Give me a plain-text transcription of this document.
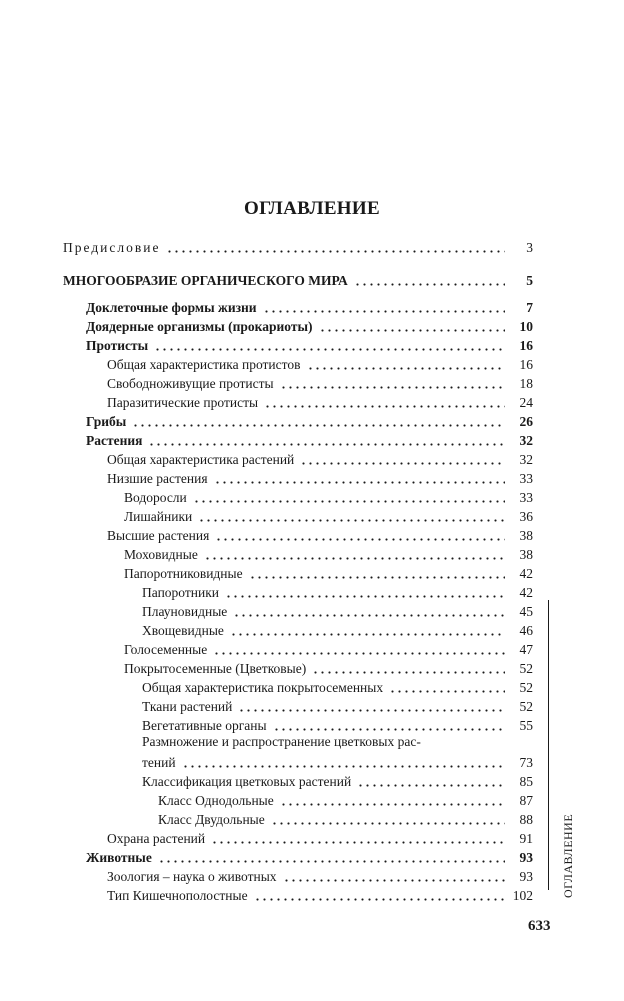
ОГЛАВЛЕНИЕ
Предисловие	3
МНОГООБРАЗИЕ ОРГАНИЧЕСКОГО МИРА	5
Доклеточные формы жизни	7
Доядерные организмы (прокариоты)	10
Протисты	16
Общая характеристика протистов	16
Свободноживущие протисты	18
Паразитические протисты	24
Грибы	26
Растения	32
Общая характеристика растений	32
Низшие растения	33
Водоросли	33
Лишайники	36
Высшие растения	38
Моховидные	38
Папоротниковидные	42
Папоротники	42
Плауновидные	45
Хвощевидные	46
Голосеменные	47
Покрытосеменные (Цветковые)	52
Общая характеристика покрытосеменных	52
Ткани растений	52
Вегетативные органы	55
Размножение и распространение цветковых рас-
тений	73
Классификация цветковых растений	85
Класс Однодольные	87
Класс Двудольные	88
Охрана растений	91
Животные	93
Зоология – наука о животных	93
Тип Кишечнополостные	102 ОГЛАВЛЕНИЕ
633
